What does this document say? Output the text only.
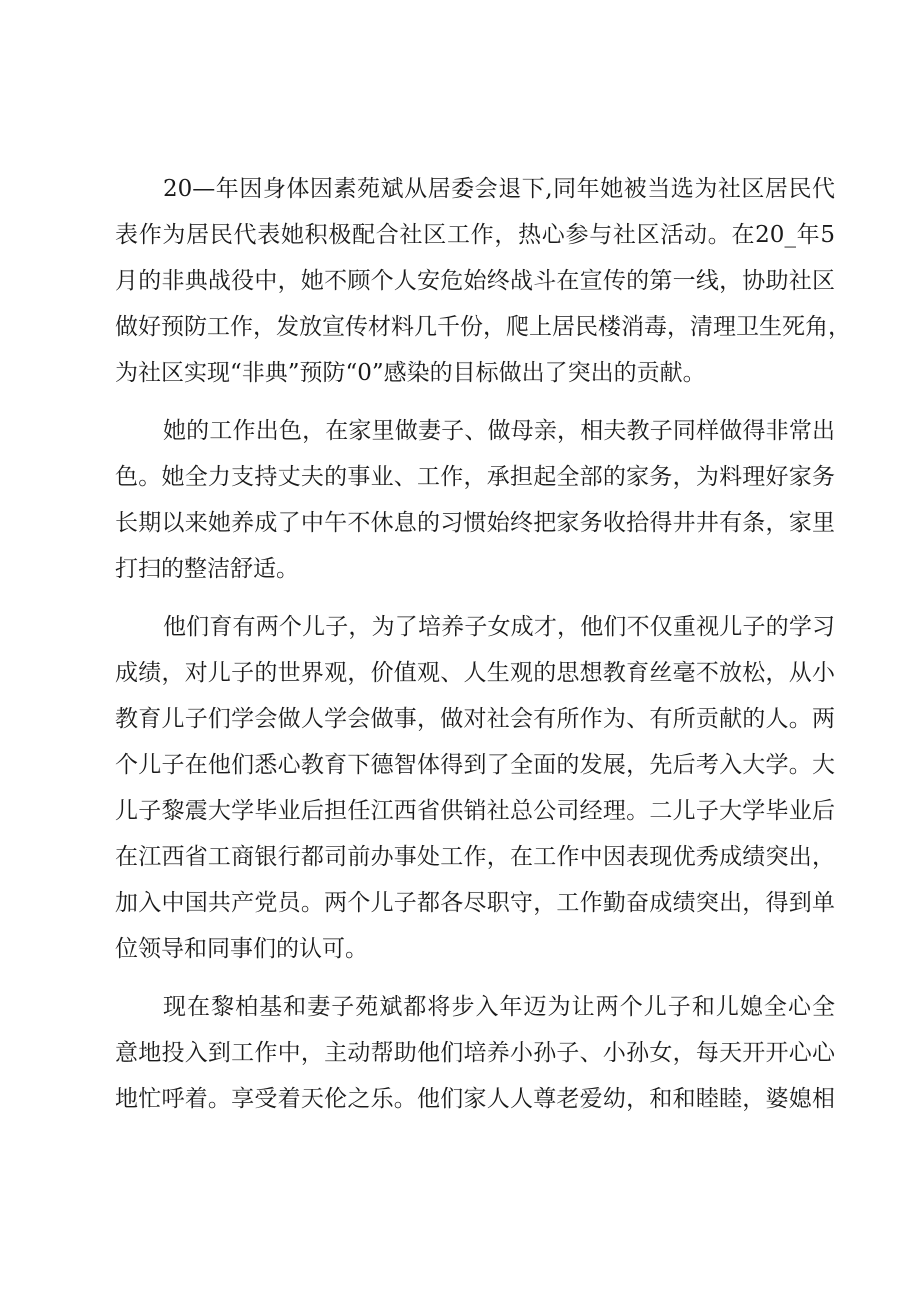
20—年因身体因素苑斌从居委会退下,同年她被当选为社区居民代
表作为居民代表她积极配合社区工作，热心参与社区活动。在20_年5
月的非典战役中，她不顾个人安危始终战斗在宣传的第一线，协助社区
做好预防工作，发放宣传材料几千份，爬上居民楼消毒，清理卫生死角，
为社区实现“非典”预防“0”感染的目标做出了突出的贡献。
她的工作出色，在家里做妻子、做母亲，相夫教子同样做得非常出
色。她全力支持丈夫的事业、工作，承担起全部的家务，为料理好家务
长期以来她养成了中午不休息的习惯始终把家务收拾得井井有条，家里
打扫的整洁舒适。
他们育有两个儿子，为了培养子女成才，他们不仅重视儿子的学习
成绩，对儿子的世界观，价值观、人生观的思想教育丝毫不放松，从小
教育儿子们学会做人学会做事，做对社会有所作为、有所贡献的人。两
个儿子在他们悉心教育下德智体得到了全面的发展，先后考入大学。大
儿子黎震大学毕业后担任江西省供销社总公司经理。二儿子大学毕业后
在江西省工商银行都司前办事处工作，在工作中因表现优秀成绩突出，
加入中国共产党员。两个儿子都各尽职守，工作勤奋成绩突出，得到单
位领导和同事们的认可。
现在黎柏基和妻子苑斌都将步入年迈为让两个儿子和儿媳全心全
意地投入到工作中，主动帮助他们培养小孙子、小孙女，每天开开心心
地忙呼着。享受着天伦之乐。他们家人人尊老爱幼，和和睦睦，婆媳相
